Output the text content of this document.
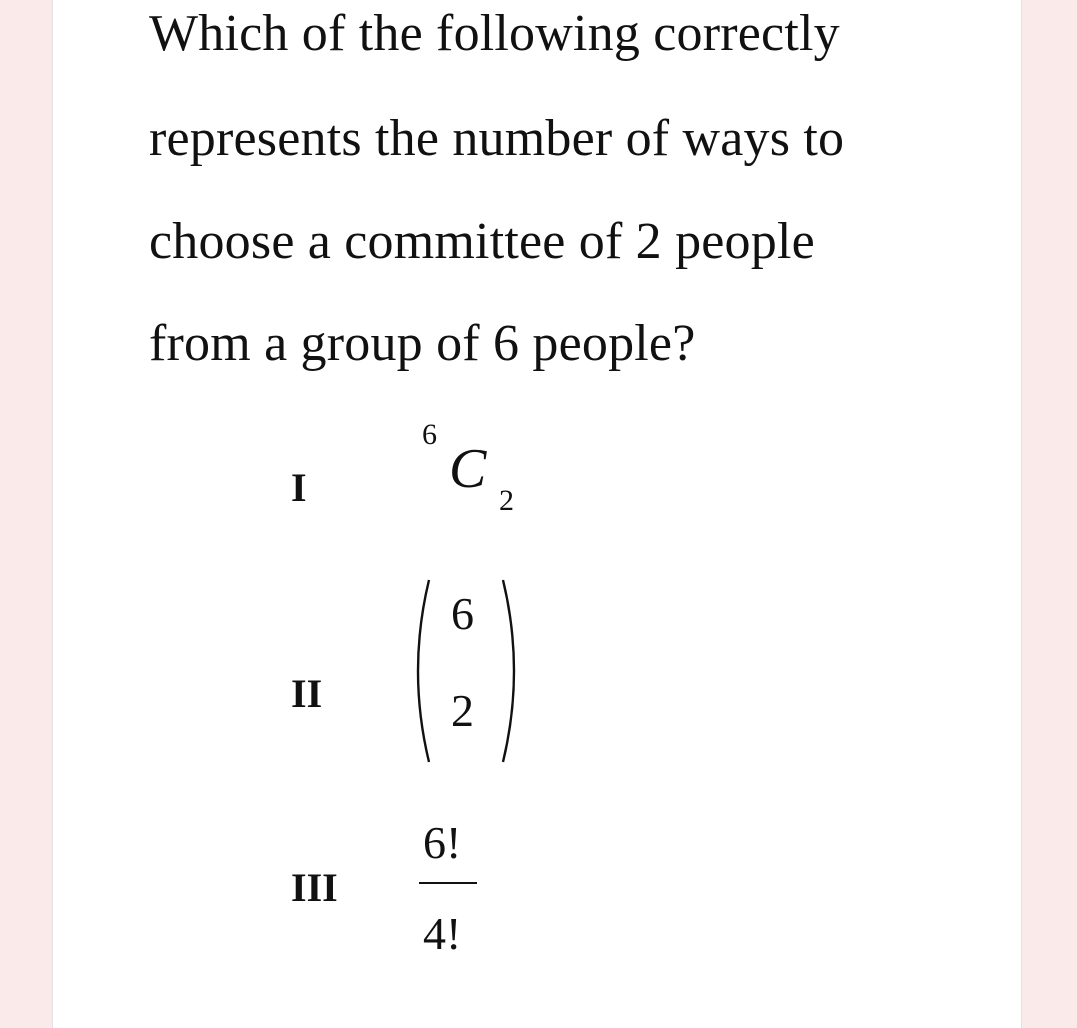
Which of the following correctly
represents the number of ways to
choose a committee of 2 people
from a group of 6 people?
I
6
C
2
II
6
2
III
6!
4!
